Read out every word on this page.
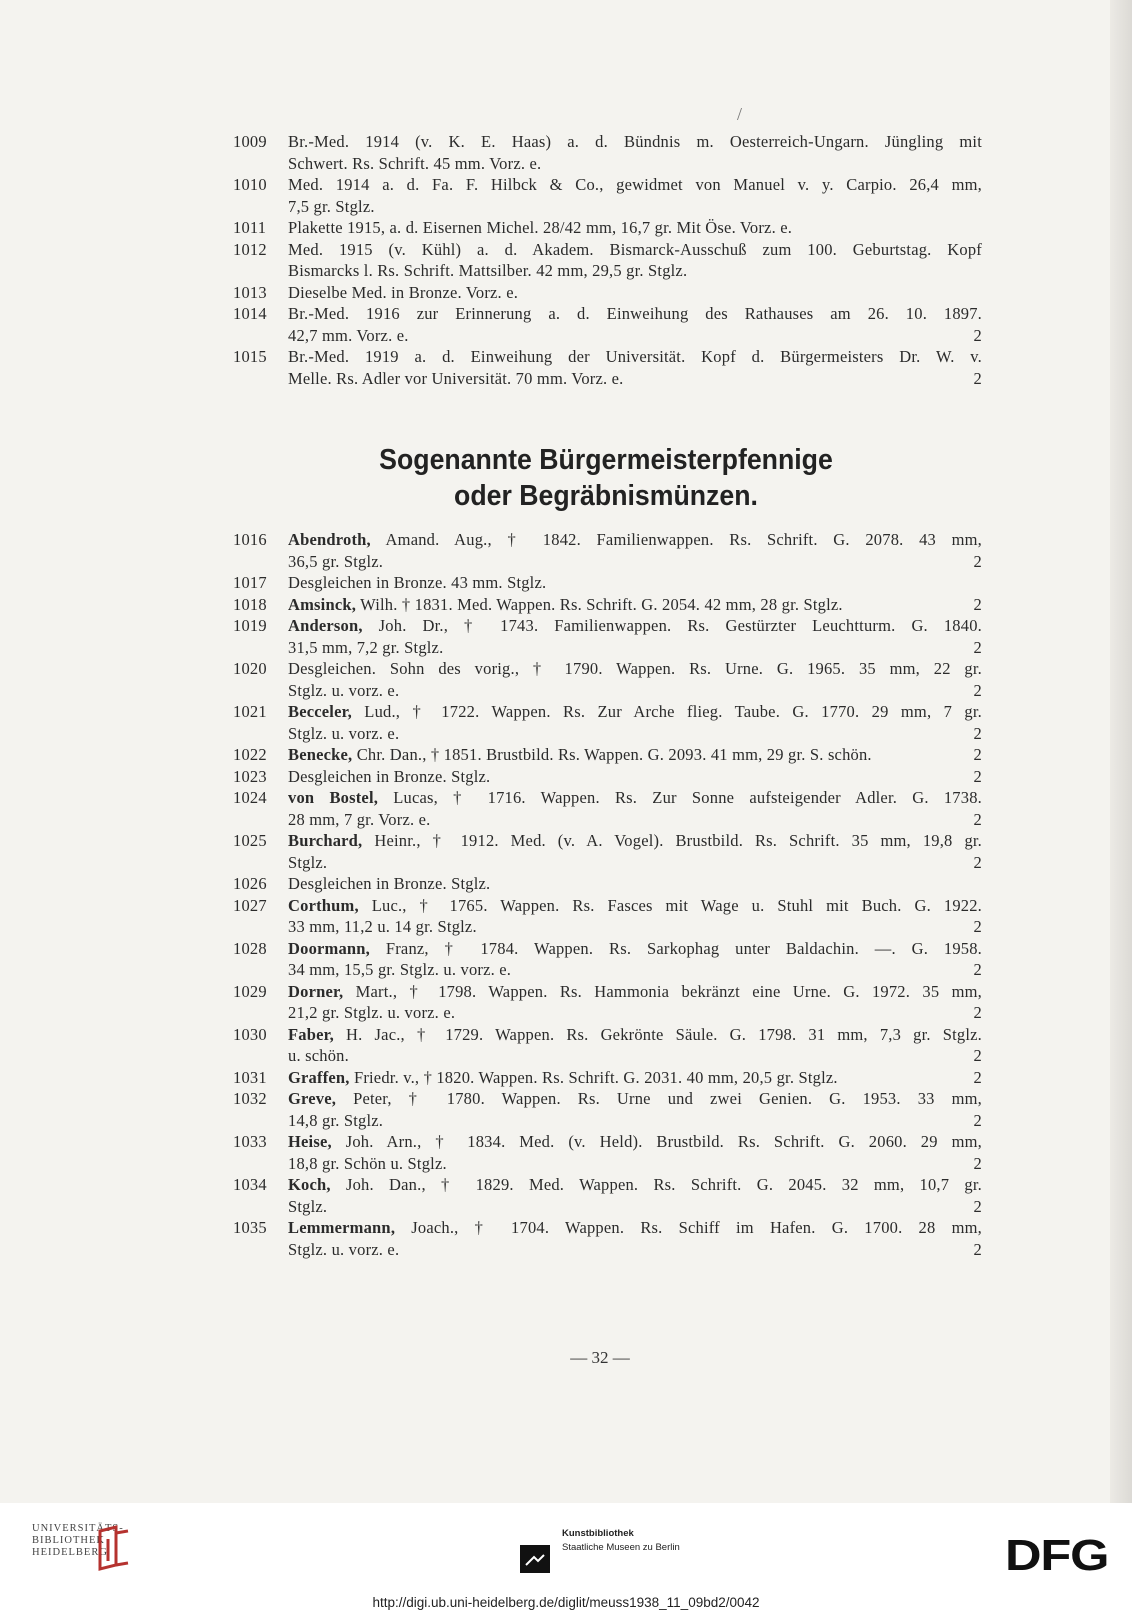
/
1009 Br.-Med. 1914 (v. K. E. Haas) a. d. Bündnis m. Oesterreich-Ungarn. Jüngling mit
Schwert. Rs. Schrift. 45 mm. Vorz. e.
1010 Med. 1914 a. d. Fa. F. Hilbck & Co., gewidmet von Manuel v. y. Carpio. 26,4 mm,
7,5 gr. Stglz.
1011 Plakette 1915, a. d. Eisernen Michel. 28/42 mm, 16,7 gr. Mit Öse. Vorz. e.
1012 Med. 1915 (v. Kühl) a. d. Akadem. Bismarck-Ausschuß zum 100. Geburtstag. Kopf
Bismarcks l. Rs. Schrift. Mattsilber. 42 mm, 29,5 gr. Stglz.
1013 Dieselbe Med. in Bronze. Vorz. e.
1014 Br.-Med. 1916 zur Erinnerung a. d. Einweihung des Rathauses am 26. 10. 1897.
42,7 mm. Vorz. e.	2
1015 Br.-Med. 1919 a. d. Einweihung der Universität. Kopf d. Bürgermeisters Dr. W. v.
Melle. Rs. Adler vor Universität. 70 mm. Vorz. e.	2
Sogenannte Bürgermeisterpfennige
oder Begräbnismünzen.
1016 Abendroth, Amand. Aug., † 1842. Familienwappen. Rs. Schrift. G. 2078. 43 mm,
36,5 gr. Stglz.	2
1017 Desgleichen in Bronze. 43 mm. Stglz.
1018 Amsinck, Wilh. † 1831. Med. Wappen. Rs. Schrift. G. 2054. 42 mm, 28 gr. Stglz.	2
1019 Anderson, Joh. Dr., † 1743. Familienwappen. Rs. Gestürzter Leuchtturm. G. 1840.
31,5 mm, 7,2 gr. Stglz.	2
1020 Desgleichen. Sohn des vorig., † 1790. Wappen. Rs. Urne. G. 1965. 35 mm, 22 gr.
Stglz. u. vorz. e.	2
1021 Becceler, Lud., † 1722. Wappen. Rs. Zur Arche flieg. Taube. G. 1770. 29 mm, 7 gr.
Stglz. u. vorz. e.	2
1022 Benecke, Chr. Dan., † 1851. Brustbild. Rs. Wappen. G. 2093. 41 mm, 29 gr. S. schön.	2
1023 Desgleichen in Bronze. Stglz.	2
1024 von Bostel, Lucas, † 1716. Wappen. Rs. Zur Sonne aufsteigender Adler. G. 1738.
28 mm, 7 gr. Vorz. e.	2
1025 Burchard, Heinr., † 1912. Med. (v. A. Vogel). Brustbild. Rs. Schrift. 35 mm, 19,8 gr.
Stglz.	2
1026 Desgleichen in Bronze. Stglz.
1027 Corthum, Luc., † 1765. Wappen. Rs. Fasces mit Wage u. Stuhl mit Buch. G. 1922.
33 mm, 11,2 u. 14 gr. Stglz.	2
1028 Doormann, Franz, † 1784. Wappen. Rs. Sarkophag unter Baldachin. —. G. 1958.
34 mm, 15,5 gr. Stglz. u. vorz. e.	2
1029 Dorner, Mart., † 1798. Wappen. Rs. Hammonia bekränzt eine Urne. G. 1972. 35 mm,
21,2 gr. Stglz. u. vorz. e.	2
1030 Faber, H. Jac., † 1729. Wappen. Rs. Gekrönte Säule. G. 1798. 31 mm, 7,3 gr. Stglz.
u. schön.	2
1031 Graffen, Friedr. v., † 1820. Wappen. Rs. Schrift. G. 2031. 40 mm, 20,5 gr. Stglz.	2
1032 Greve, Peter, † 1780. Wappen. Rs. Urne und zwei Genien. G. 1953. 33 mm,
14,8 gr. Stglz.	2
1033 Heise, Joh. Arn., † 1834. Med. (v. Held). Brustbild. Rs. Schrift. G. 2060. 29 mm,
18,8 gr. Schön u. Stglz.	2
1034 Koch, Joh. Dan., † 1829. Med. Wappen. Rs. Schrift. G. 2045. 32 mm, 10,7 gr.
Stglz.	2
1035 Lemmermann, Joach., † 1704. Wappen. Rs. Schiff im Hafen. G. 1700. 28 mm,
Stglz. u. vorz. e.	2
— 32 —
UNIVERSITÄTS-
BIBLIOTHEK
HEIDELBERG
Kunstbibliothek
Staatliche Museen zu Berlin	DFG
http://digi.ub.uni-heidelberg.de/diglit/meuss1938_11_09bd2/0042
